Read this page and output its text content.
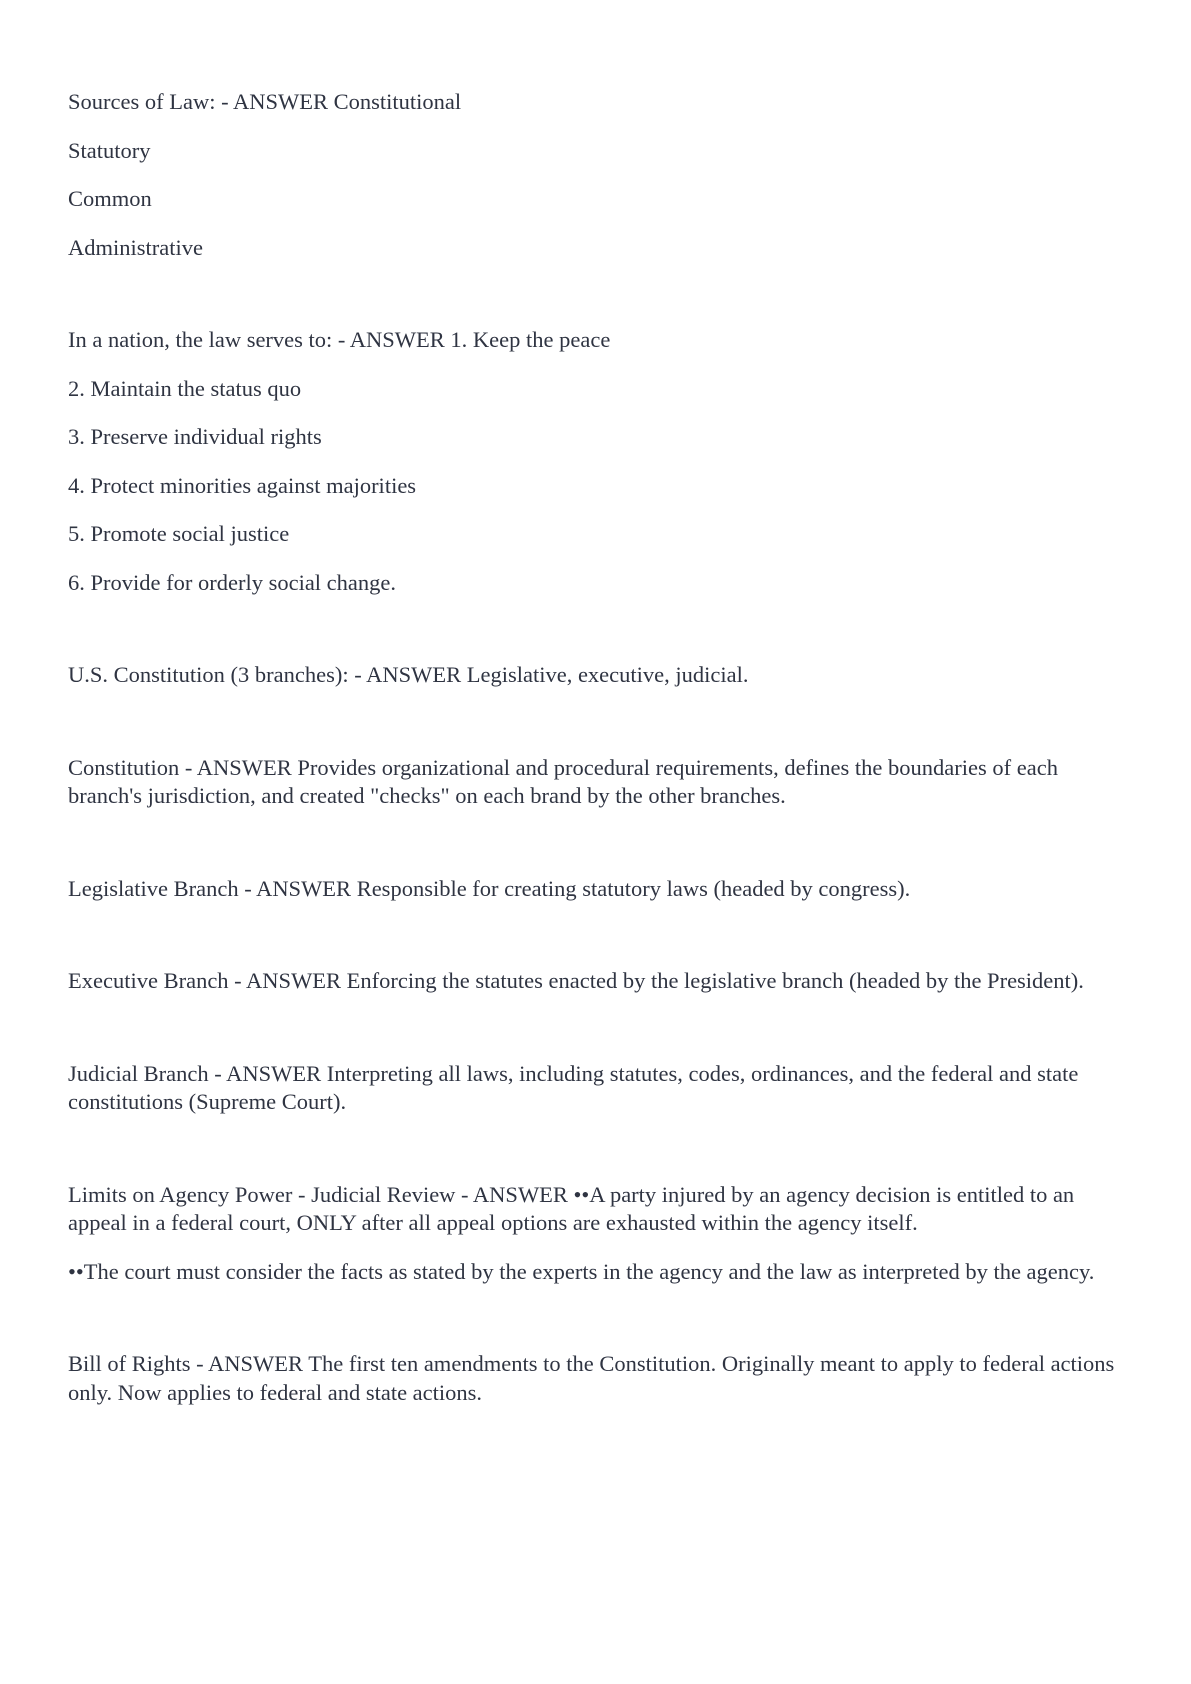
Sources of Law: - ANSWER Constitutional

Statutory

Common

Administrative

In a nation, the law serves to: - ANSWER 1. Keep the peace

2. Maintain the status quo

3. Preserve individual rights

4. Protect minorities against majorities

5. Promote social justice

6. Provide for orderly social change.

U.S. Constitution (3 branches): - ANSWER Legislative, executive, judicial.

Constitution - ANSWER Provides organizational and procedural requirements, defines the boundaries of each branch's jurisdiction, and created "checks" on each brand by the other branches.

Legislative Branch - ANSWER Responsible for creating statutory laws (headed by congress).

Executive Branch - ANSWER Enforcing the statutes enacted by the legislative branch (headed by the President).

Judicial Branch - ANSWER Interpreting all laws, including statutes, codes, ordinances, and the federal and state constitutions (Supreme Court).

Limits on Agency Power - Judicial Review - ANSWER ••A party injured by an agency decision is entitled to an appeal in a federal court, ONLY after all appeal options are exhausted within the agency itself.

••The court must consider the facts as stated by the experts in the agency and the law as interpreted by the agency.

Bill of Rights - ANSWER The first ten amendments to the Constitution. Originally meant to apply to federal actions only. Now applies to federal and state actions.
